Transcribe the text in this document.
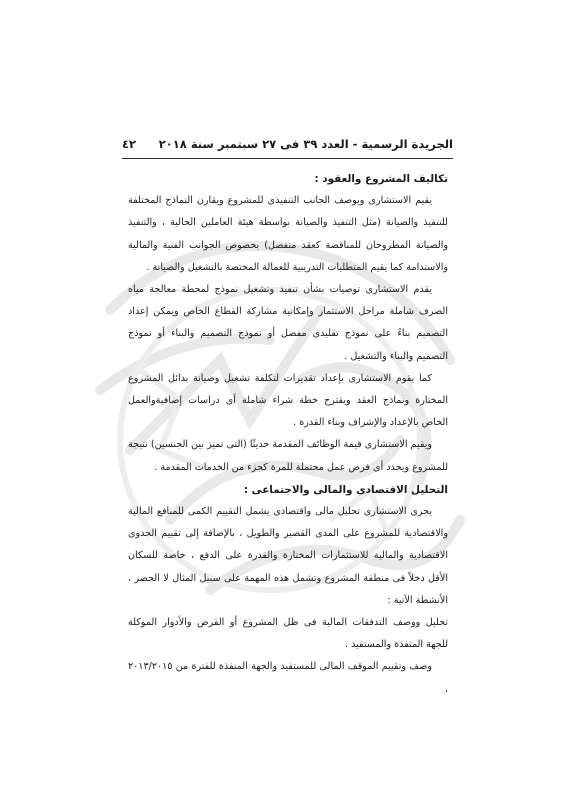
الجريدة الرسمية - العدد ٣٩ فى ٢٧ سبتمبر سنة ٢٠١٨
٤٢

تكاليف المشروع والعقود :

يقيم الاستشارى ويوصف الجانب التنفيذى للمشروع ويقارن النماذج المختلفة للتنفيذ والصيانة (مثل التنفيذ والصيانة بواسطة هيئة العاملين الحالية ، والتنفيذ والصيانة المطروحان للمناقصة كعقد منفصل) بخصوص الجوانب الفنية والمالية والاستدامة كما يقيم المتطلبات التدريبية للعمالة المختصة بالتشغيل والصيانة .

يقدم الاستشارى توصيات بشأن تنفيذ وتشغيل نموذج لمحطة معالجة مياه الصرف شاملة مراحل الاستثمار وإمكانية مشاركة القطاع الخاص ويمكن إعداد التصميم بناءً على نموذج تقليدى مفصل أو نموذج التصميم والبناء أو نموذج التصميم والبناء والتشغيل .

كما يقوم الاستشارى بإعداد تقديرات لتكلفة تشغيل وصيانة بدائل المشروع المختارة ونماذج العقد ويقترح خطة شراء شاملة أى دراسات إضافيةوالعمل الخاص بالإعداد والإشراف وبناء القدرة .

ويقيم الاستشارى قيمة الوظائف المقدمة حديثًا (التى تميز بين الجنسين) نتيجة للمشروع ويحدد أى فرص عمل محتملة للمرة كجزء من الخدمات المقدمة .

التحليل الاقتصادى والمالى والاجتماعى :

يجرى الاستشارى تحليل مالى واقتصادى يشمل التقييم الكمى للمنافع المالية والاقتصادية للمشروع على المدى القصير والطويل ، بالإضافة إلى تقييم الجدوى الاقتصادية والمالية للاستثمارات المختارة والقدرة على الدفع ، خاصة للسكان الأقل دخلاً فى منطقة المشروع وتشمل هذه المهمة على سبيل المثال لا الحصر ، الأنشطة الآتية :

تحليل ووصف التدفقات المالية فى ظل المشروع أو القرض والأدوار الموكلة للجهة المنفذة والمستفيد .

وصف وتقييم الموقف المالى للمستفيد والجهة المنفذة للفترة من ٢٠١٣/٢٠١٥ ،
